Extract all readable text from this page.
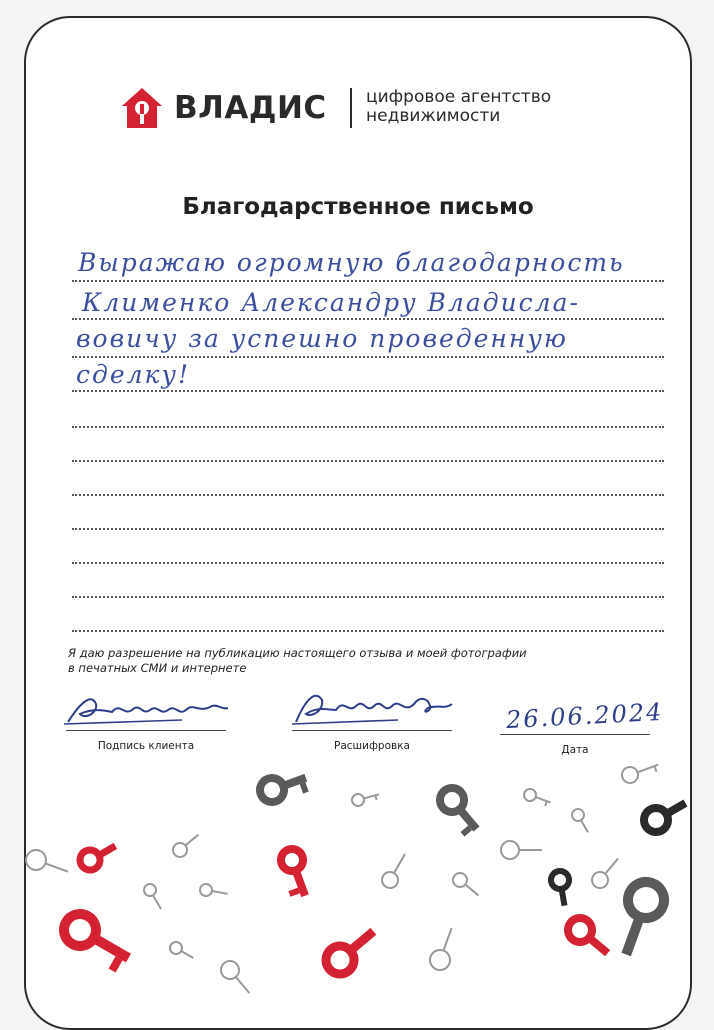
ВЛАДИС цифровое агентство
недвижимости
Благодарственное письмо
Выражаю огромную благодарность
Клименко Александру Владисла-
вовичу за успешно проведенную
сделку!
Я даю разрешение на публикацию настоящего отзыва и моей фотографии
в печатных СМИ и интернете
Подпись клиента	Расшифровка
26.06.2024
Дата
